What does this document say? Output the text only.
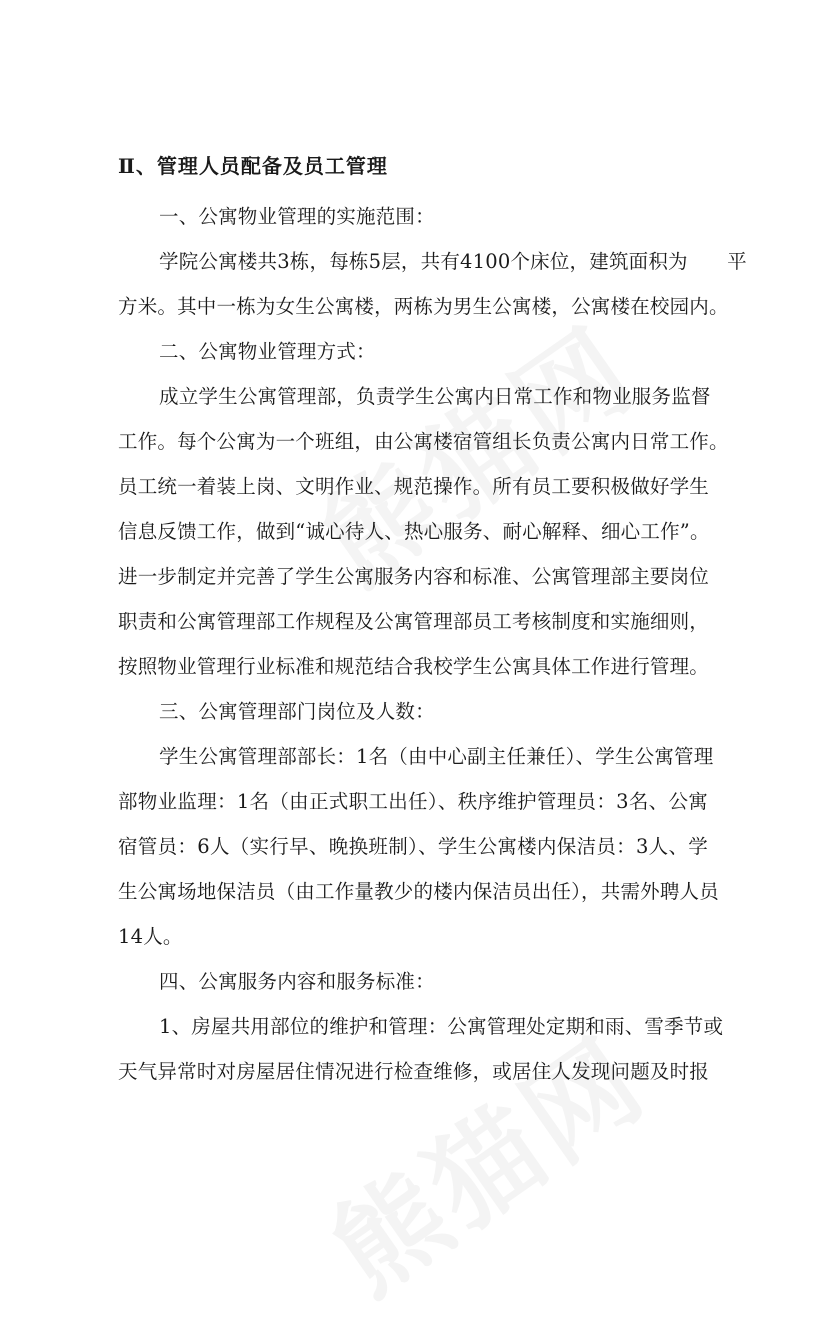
Ⅱ、管理人员配备及员工管理
一、公寓物业管理的实施范围：
学院公寓楼共3栋，每栋5层，共有4100个床位，建筑面积为　　平
方米。其中一栋为女生公寓楼，两栋为男生公寓楼，公寓楼在校园内。
二、公寓物业管理方式：
成立学生公寓管理部，负责学生公寓内日常工作和物业服务监督
工作。每个公寓为一个班组，由公寓楼宿管组长负责公寓内日常工作。
员工统一着装上岗、文明作业、规范操作。所有员工要积极做好学生
信息反馈工作，做到“诚心待人、热心服务、耐心解释、细心工作”。
进一步制定并完善了学生公寓服务内容和标准、公寓管理部主要岗位
职责和公寓管理部工作规程及公寓管理部员工考核制度和实施细则，
按照物业管理行业标准和规范结合我校学生公寓具体工作进行管理。
三、公寓管理部门岗位及人数：
学生公寓管理部部长：1名（由中心副主任兼任）、学生公寓管理
部物业监理：1名（由正式职工出任）、秩序维护管理员：3名、公寓
宿管员：6人（实行早、晚换班制）、学生公寓楼内保洁员：3人、学
生公寓场地保洁员（由工作量教少的楼内保洁员出任），共需外聘人员
14人。
四、公寓服务内容和服务标准：
1、房屋共用部位的维护和管理：公寓管理处定期和雨、雪季节或
天气异常时对房屋居住情况进行检查维修，或居住人发现问题及时报
